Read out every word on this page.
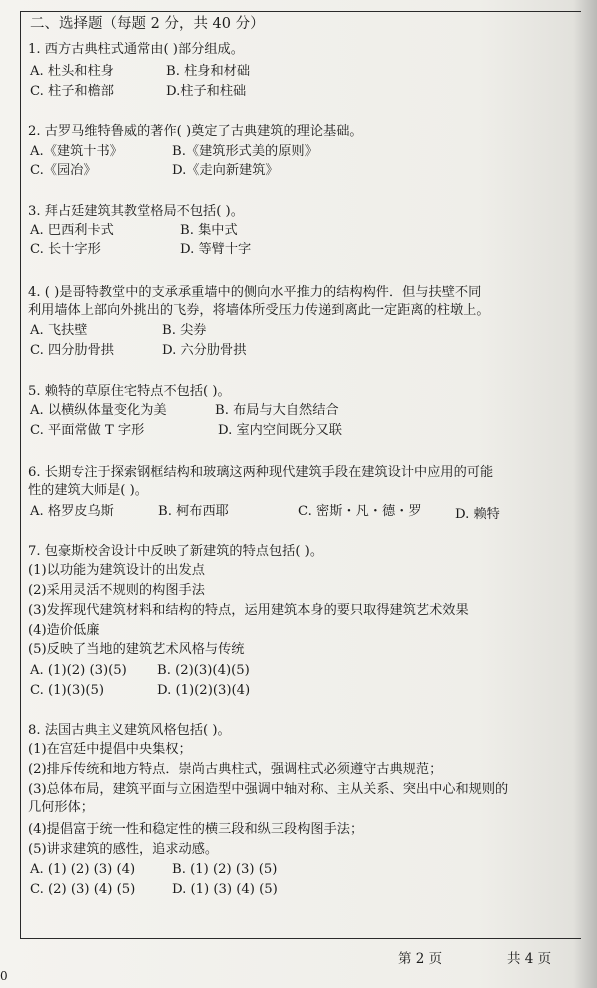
二、选择题（每题 2 分，共 40 分）
1. 西方古典柱式通常由( )部分组成。
A. 杜头和柱身	B. 柱身和材础
C. 柱子和檐部	D.柱子和柱础
2. 古罗马维特鲁威的著作( )奠定了古典建筑的理论基础。
A.《建筑十书》	B.《建筑形式美的原则》
C.《园冶》	D.《走向新建筑》
3. 拜占廷建筑其教堂格局不包括( )。
A. 巴西利卡式	B. 集中式
C. 长十字形	D. 等臂十字
4. ( )是哥特教堂中的支承承重墙中的侧向水平推力的结构构件．但与扶壁不同
利用墙体上部向外挑出的飞券，将墙体所受压力传递到离此一定距离的柱墩上。
A. 飞扶壁	B. 尖券
C. 四分肋骨拱	D. 六分肋骨拱
5. 赖特的草原住宅特点不包括( )。
A. 以横纵体量变化为美	B. 布局与大自然结合
C. 平面常做 T 字形	D. 室内空间既分又联
6. 长期专注于探索钢框结构和玻璃这两种现代建筑手段在建筑设计中应用的可能
性的建筑大师是( )。
A. 格罗皮乌斯	B. 柯布西耶	C. 密斯・凡・德・罗	D. 赖特
7. 包豪斯校舍设计中反映了新建筑的特点包括( )。
(1)以功能为建筑设计的出发点
(2)采用灵活不规则的构图手法
(3)发挥现代建筑材料和结构的特点，运用建筑本身的要只取得建筑艺术效果
(4)造价低廉
(5)反映了当地的建筑艺术风格与传统
A. (1)(2) (3)(5) B. (2)(3)(4)(5)
C. (1)(3)(5)	D. (1)(2)(3)(4)
8. 法国古典主义建筑风格包括( )。
(1)在宫廷中提倡中央集权；
(2)排斥传统和地方特点．崇尚古典柱式，强调柱式必须遵守古典规范；
(3)总体布局，建筑平面与立困造型中强调中轴对称、主从关系、突出中心和规则的
几何形体；
(4)提倡富于统一性和稳定性的横三段和纵三段构图手法；
(5)讲求建筑的感性，追求动感。
A. (1) (2) (3) (4)	B. (1) (2) (3) (5)
C. (2) (3) (4) (5)	D. (1) (3) (4) (5)
第 2 页	共 4 页
0
